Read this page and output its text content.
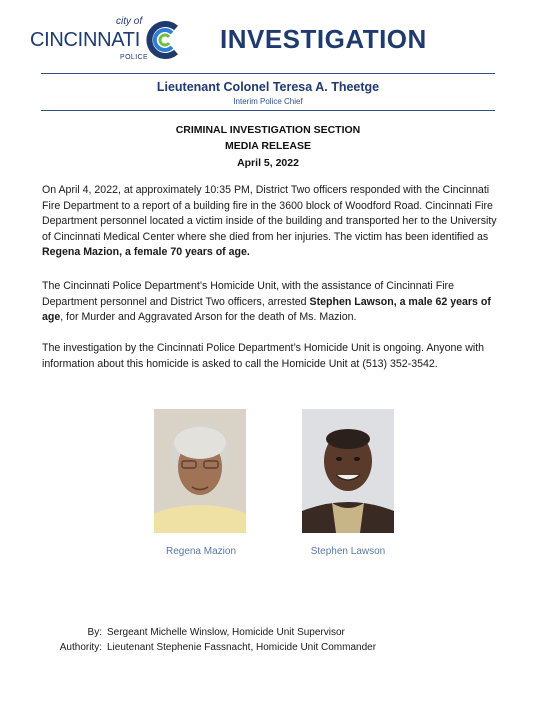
city of
CINCINNATI
POLICE
INVESTIGATION
Lieutenant Colonel Teresa A. Theetge
Interim Police Chief
CRIMINAL INVESTIGATION SECTION
MEDIA RELEASE
April 5, 2022
On April 4, 2022, at approximately 10:35 PM, District Two officers responded with the Cincinnati Fire Department to a report of a building fire in the 3600 block of Woodford Road. Cincinnati Fire Department personnel located a victim inside of the building and transported her to the University of Cincinnati Medical Center where she died from her injuries. The victim has been identified as Regena Mazion, a female 70 years of age.
The Cincinnati Police Department’s Homicide Unit, with the assistance of Cincinnati Fire Department personnel and District Two officers, arrested Stephen Lawson, a male 62 years of age, for Murder and Aggravated Arson for the death of Ms. Mazion.
The investigation by the Cincinnati Police Department’s Homicide Unit is ongoing. Anyone with information about this homicide is asked to call the Homicide Unit at (513) 352-3542.
Regena Mazion	Stephen Lawson
By: Sergeant Michelle Winslow, Homicide Unit Supervisor
Authority: Lieutenant Stephenie Fassnacht, Homicide Unit Commander
